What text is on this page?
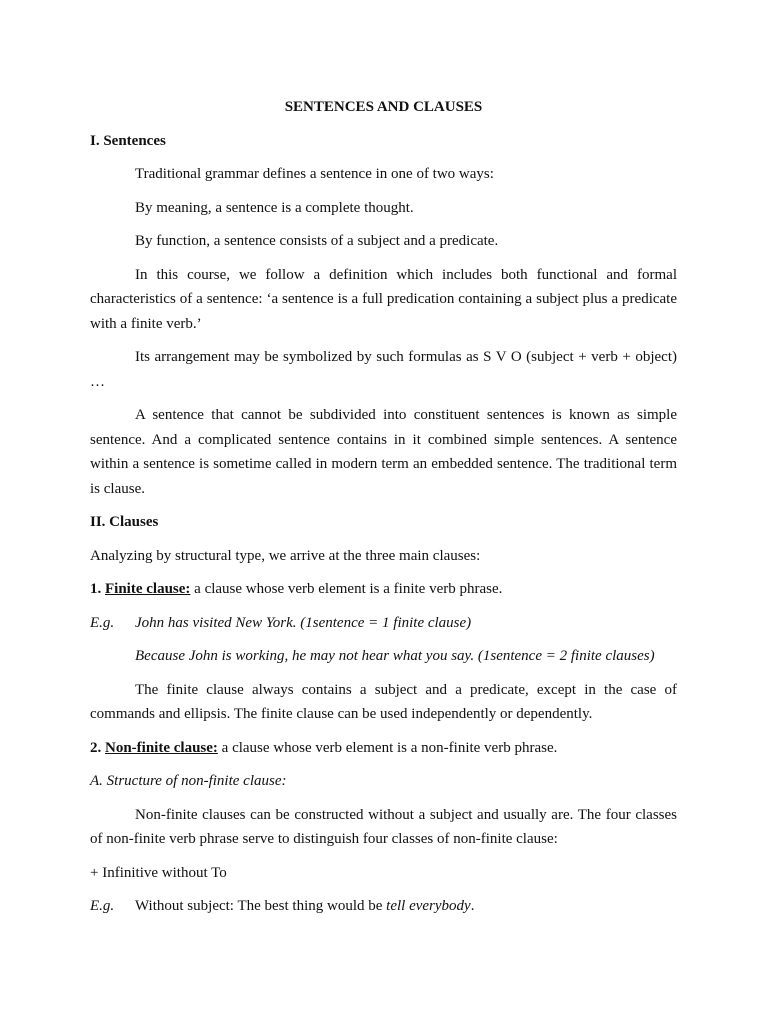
SENTENCES AND CLAUSES

I. Sentences

Traditional grammar defines a sentence in one of two ways:

By meaning, a sentence is a complete thought.

By function, a sentence consists of a subject and a predicate.

In this course, we follow a definition which includes both functional and formal characteristics of a sentence: ‘a sentence is a full predication containing a subject plus a predicate with a finite verb.’

Its arrangement may be symbolized by such formulas as S V O (subject + verb + object) …

A sentence that cannot be subdivided into constituent sentences is known as simple sentence. And a complicated sentence contains in it combined simple sentences. A sentence within a sentence is sometime called in modern term an embedded sentence. The traditional term is clause.

II. Clauses

Analyzing by structural type, we arrive at the three main clauses:

1. Finite clause: a clause whose verb element is a finite verb phrase.

E.g. John has visited New York. (1sentence = 1 finite clause)

Because John is working, he may not hear what you say. (1sentence = 2 finite clauses)

The finite clause always contains a subject and a predicate, except in the case of commands and ellipsis. The finite clause can be used independently or dependently.

2. Non-finite clause: a clause whose verb element is a non-finite verb phrase.

A. Structure of non-finite clause:

Non-finite clauses can be constructed without a subject and usually are. The four classes of non-finite verb phrase serve to distinguish four classes of non-finite clause:

+ Infinitive without To

E.g. Without subject: The best thing would be tell everybody.
